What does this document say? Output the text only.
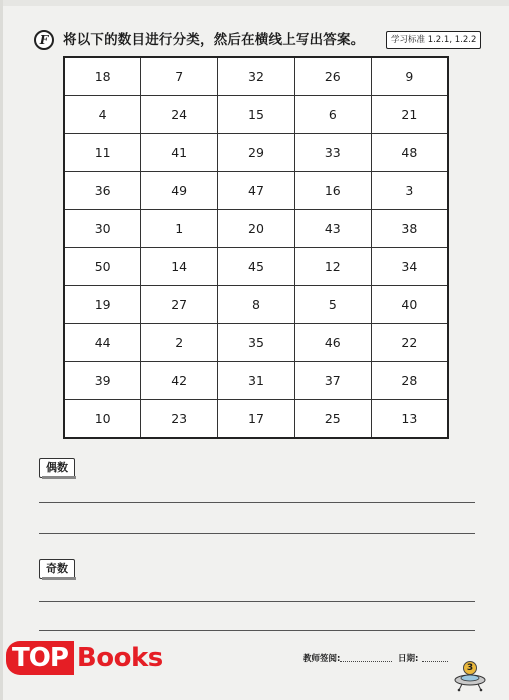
F	将以下的数目进行分类，然后在横线上写出答案。	学习标准 1.2.1, 1.2.2
18	7	32	26	9
4	24	15	6	21
11	41	29	33	48
36	49	47	16	3
30	1	20	43	38
50	14	45	12	34
19	27	8	5	40
44	2	35	46	22
39	42	31	37	28
10	23	17	25	13
偶数
奇数
教师签阅:	日期:
TOP Books	3
